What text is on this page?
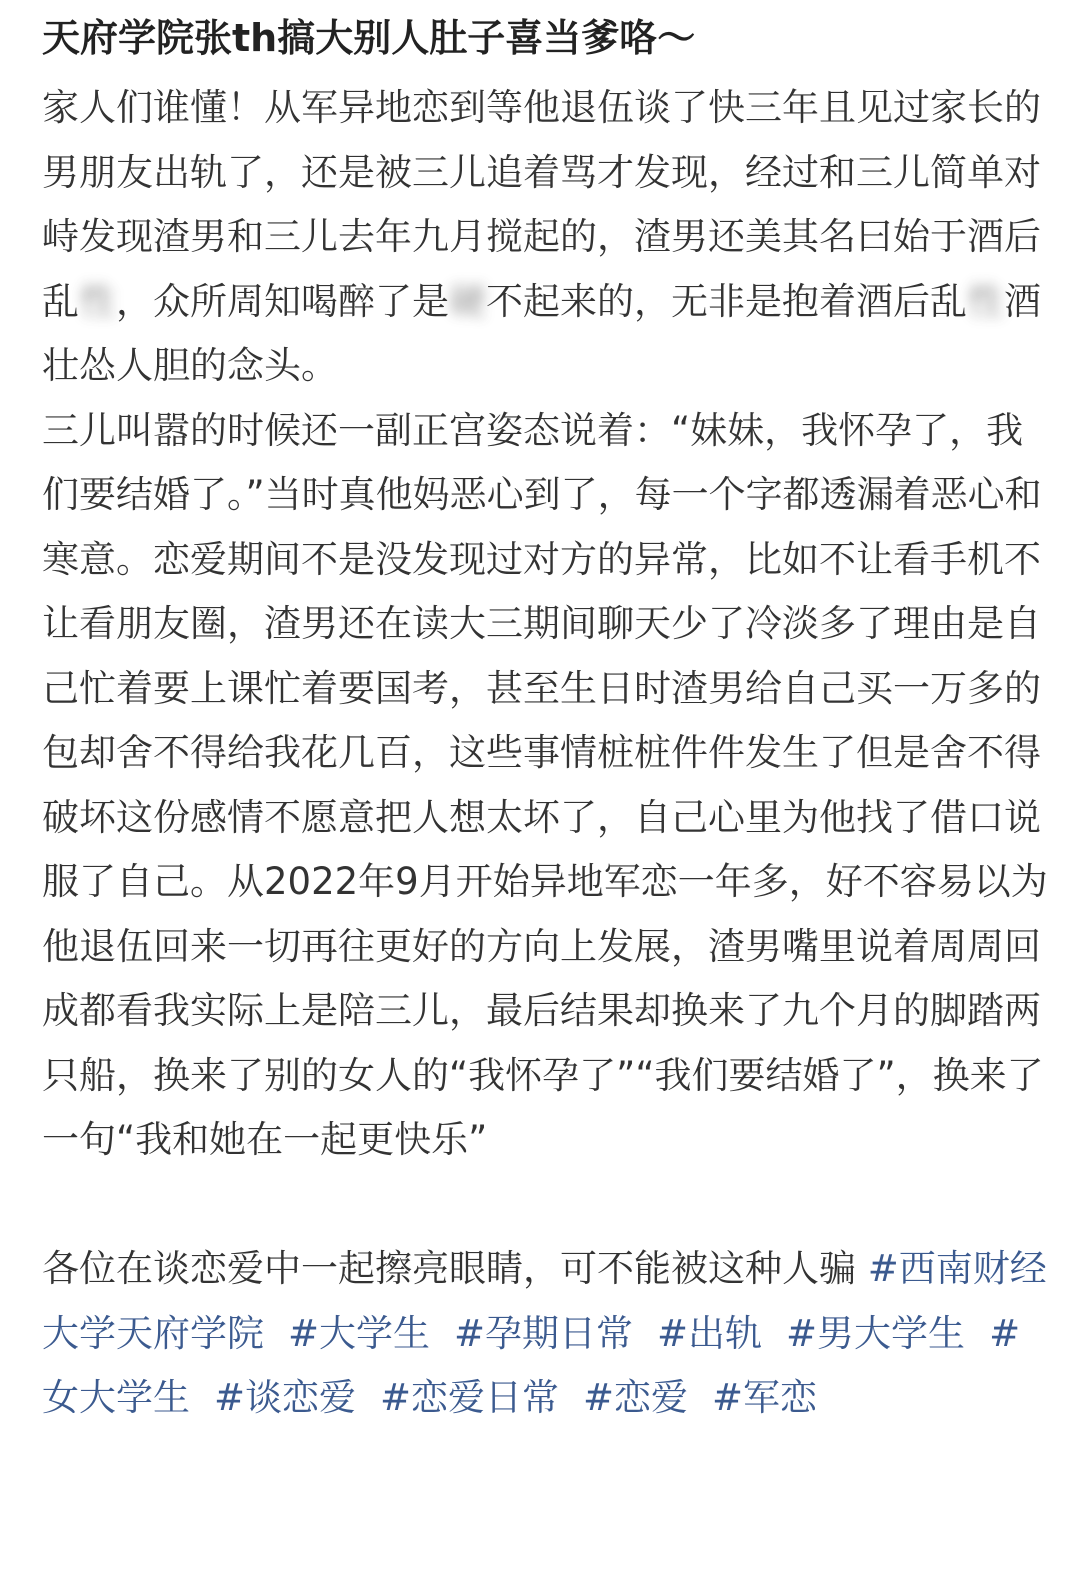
天府学院张th搞大别人肚子喜当爹咯～

家人们谁懂！从军异地恋到等他退伍谈了快三年且见过家长的男朋友出轨了，还是被三儿追着骂才发现，经过和三儿简单对峙发现渣男和三儿去年九月搅起的，渣男还美其名曰始于酒后乱性，众所周知喝醉了是硬不起来的，无非是抱着酒后乱性酒壮怂人胆的念头。

三儿叫嚣的时候还一副正宫姿态说着：“妹妹，我怀孕了，我们要结婚了。”当时真他妈恶心到了，每一个字都透漏着恶心和寒意。恋爱期间不是没发现过对方的异常，比如不让看手机不让看朋友圈，渣男还在读大三期间聊天少了冷淡多了理由是自己忙着要上课忙着要国考，甚至生日时渣男给自己买一万多的包却舍不得给我花几百，这些事情桩桩件件发生了但是舍不得破坏这份感情不愿意把人想太坏了，自己心里为他找了借口说服了自己。从2022年9月开始异地军恋一年多，好不容易以为他退伍回来一切再往更好的方向上发展，渣男嘴里说着周周回成都看我实际上是陪三儿，最后结果却换来了九个月的脚踏两只船，换来了别的女人的“我怀孕了”“我们要结婚了”，换来了一句“我和她在一起更快乐”

各位在谈恋爱中一起擦亮眼睛，可不能被这种人骗 #西南财经大学天府学院 #大学生 #孕期日常 #出轨 #男大学生 #女大学生 #谈恋爱 #恋爱日常 #恋爱 #军恋
